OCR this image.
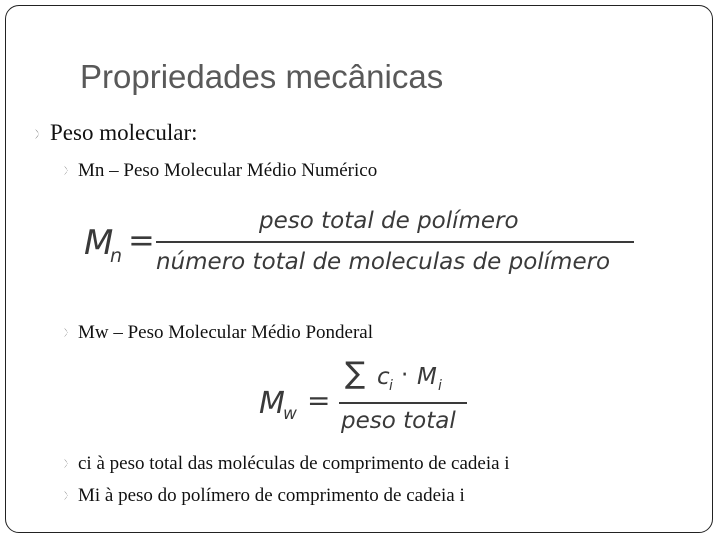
Propriedades mecânicas
Peso molecular:
Mn – Peso Molecular Médio Numérico
M
n =	peso total de polímero
número total de moleculas de polímero
Mw – Peso Molecular Médio Ponderal
M
w =
∑ c i · M i
peso total
ci à peso total das moléculas de comprimento de cadeia i
Mi à peso do polímero de comprimento de cadeia i
